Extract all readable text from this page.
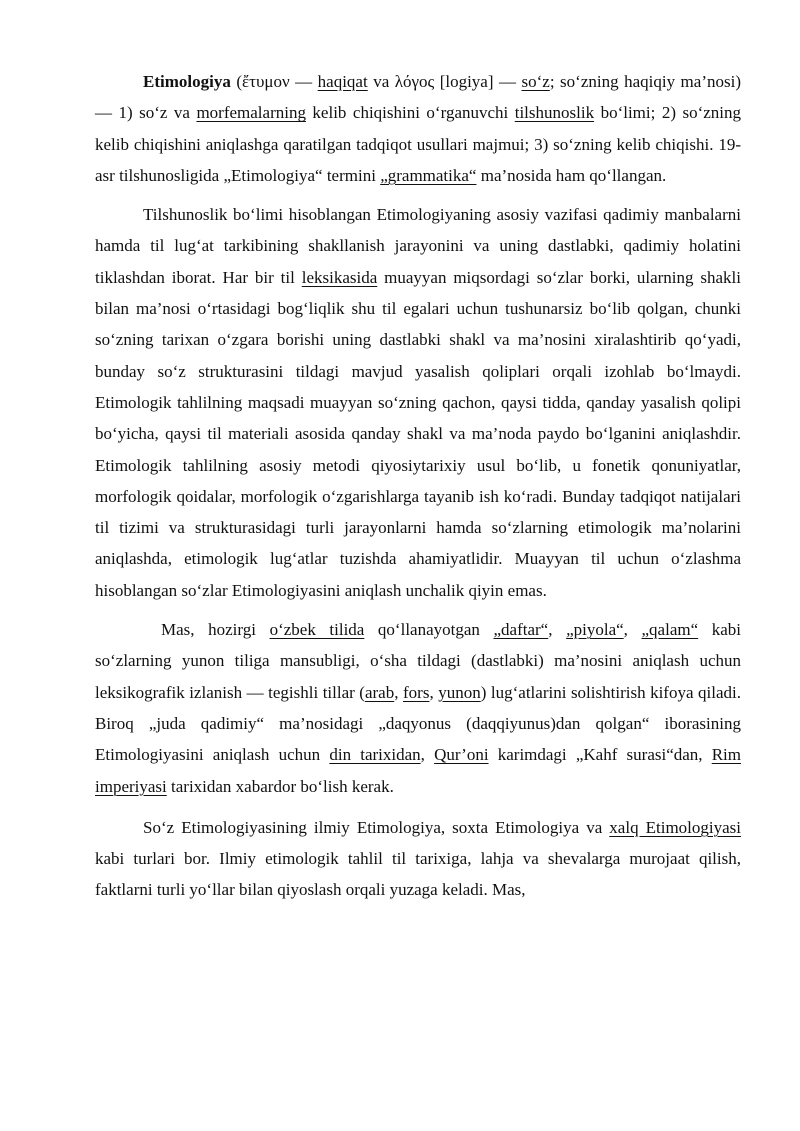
Etimologiya (ἔτυμον — haqiqat va λόγος [logiya] — so‘z; so‘zning haqiqiy ma’nosi) — 1) so‘z va morfemalarning kelib chiqishini o‘rganuvchi tilshunoslik bo‘limi; 2) so‘zning kelib chiqishini aniqlashga qaratilgan tadqiqot usullari majmui; 3) so‘zning kelib chiqishi. 19-asr tilshunosligida „Etimologiya“ termini „grammatika“ ma’nosida ham qo‘llangan.

Tilshunoslik bo‘limi hisoblangan Etimologiyaning asosiy vazifasi qadimiy manbalarni hamda til lug‘at tarkibining shakllanish jarayonini va uning dastlabki, qadimiy holatini tiklashdan iborat. Har bir til leksikasida muayyan miqsordagi so‘zlar borki, ularning shakli bilan ma’nosi o‘rtasidagi bog‘liqlik shu til egalari uchun tushunarsiz bo‘lib qolgan, chunki so‘zning tarixan o‘zgara borishi uning dastlabki shakl va ma’nosini xiralashtirib qo‘yadi, bunday so‘z strukturasini tildagi mavjud yasalish qoliplari orqali izohlab bo‘lmaydi. Etimologik tahlilning maqsadi muayyan so‘zning qachon, qaysi tidda, qanday yasalish qolipi bo‘yicha, qaysi til materiali asosida qanday shakl va ma’noda paydo bo‘lganini aniqlashdir. Etimologik tahlilning asosiy metodi qiyosiytarixiy usul bo‘lib, u fonetik qonuniyatlar, morfologik qoidalar, morfologik o‘zgarishlarga tayanib ish ko‘radi. Bunday tadqiqot natijalari til tizimi va strukturasidagi turli jarayonlarni hamda so‘zlarning etimologik ma’nolarini aniqlashda, etimologik lug‘atlar tuzishda ahamiyatlidir. Muayyan til uchun o‘zlashma hisoblangan so‘zlar Etimologiyasini aniqlash unchalik qiyin emas.

Mas, hozirgi o‘zbek tilida qo‘llanayotgan „daftar“, „piyola“, „qalam“ kabi so‘zlarning yunon tiliga mansubligi, o‘sha tildagi (dastlabki) ma’nosini aniqlash uchun leksikografik izlanish — tegishli tillar (arab, fors, yunon) lug‘atlarini solishtirish kifoya qiladi. Biroq „juda qadimiy“ ma’nosidagi „daqyonus (daqqiyunus)dan qolgan“ iborasining Etimologiyasini aniqlash uchun din tarixidan, Qur’oni karimdagi „Kahf surasi“dan, Rim imperiyasi tarixidan xabardor bo‘lish kerak.

So‘z Etimologiyasining ilmiy Etimologiya, soxta Etimologiya va xalq Etimologiyasi kabi turlari bor. Ilmiy etimologik tahlil til tarixiga, lahja va shevalarga murojaat qilish, faktlarni turli yo‘llar bilan qiyoslash orqali yuzaga keladi. Mas,
